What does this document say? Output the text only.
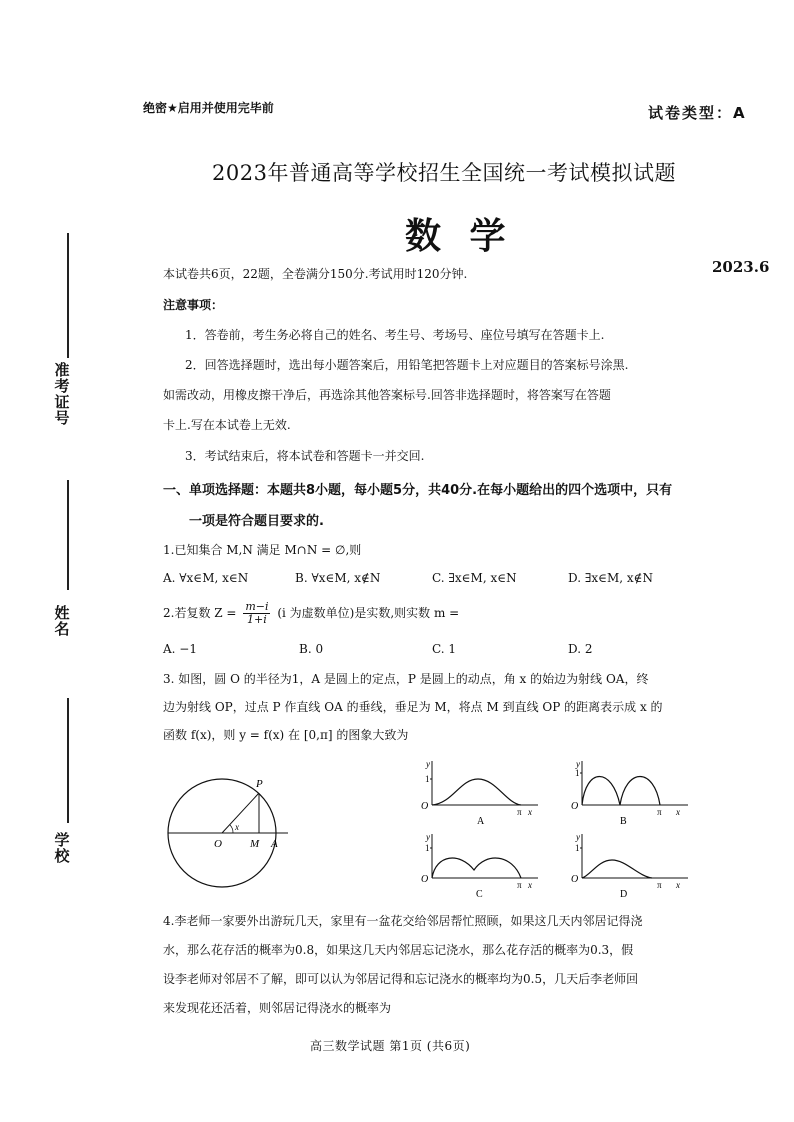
绝密★启用并使用完毕前	试卷类型：A
2023年普通高等学校招生全国统一考试模拟试题
数 学
2023.6
准
考
证
号
姓
名
学
校
本试卷共6页，22题，全卷满分150分.考试用时120分钟.
注意事项：
1．答卷前，考生务必将自己的姓名、考生号、考场号、座位号填写在答题卡上.
2．回答选择题时，选出每小题答案后，用铅笔把答题卡上对应题目的答案标号涂黑.
如需改动，用橡皮擦干净后，再选涂其他答案标号.回答非选择题时，将答案写在答题
卡上.写在本试卷上无效.
3．考试结束后，将本试卷和答题卡一并交回.
一、单项选择题：本题共8小题，每小题5分，共40分.在每小题给出的四个选项中，只有
一项是符合题目要求的.
1.已知集合 M,N 满足 M∩N = ∅,则
A. ∀x∈M, x∈N	B. ∀x∈M, x∉N	C. ∃x∈M, x∈N	D. ∃x∈M, x∉N
2.若复数 $Z = \frac{m-i}{1+i} (i$ 为虚数单位)是实数,则实数 m =
A. −1	B. 0	C. 1	D. 2
3. 如图，圆 O 的半径为1，A 是圆上的定点，P 是圆上的动点，角 x 的始边为射线 OA，终
边为射线 OP，过点 P 作直线 OA 的垂线，垂足为 M，将点 M 到直线 OP 的距离表示成 x 的
函数 f(x)，则 y = f(x) 在 [0,π] 的图象大致为
P
O	M A
x
y
1
O	π x
A
y
1
O	π x
B
y
1
O	π x
C
y
1
O	π x
D
4.李老师一家要外出游玩几天，家里有一盆花交给邻居帮忙照顾，如果这几天内邻居记得浇
水，那么花存活的概率为0.8，如果这几天内邻居忘记浇水，那么花存活的概率为0.3，假
设李老师对邻居不了解，即可以认为邻居记得和忘记浇水的概率均为0.5，几天后李老师回
来发现花还活着，则邻居记得浇水的概率为
高三数学试题 第1页 (共6页)
